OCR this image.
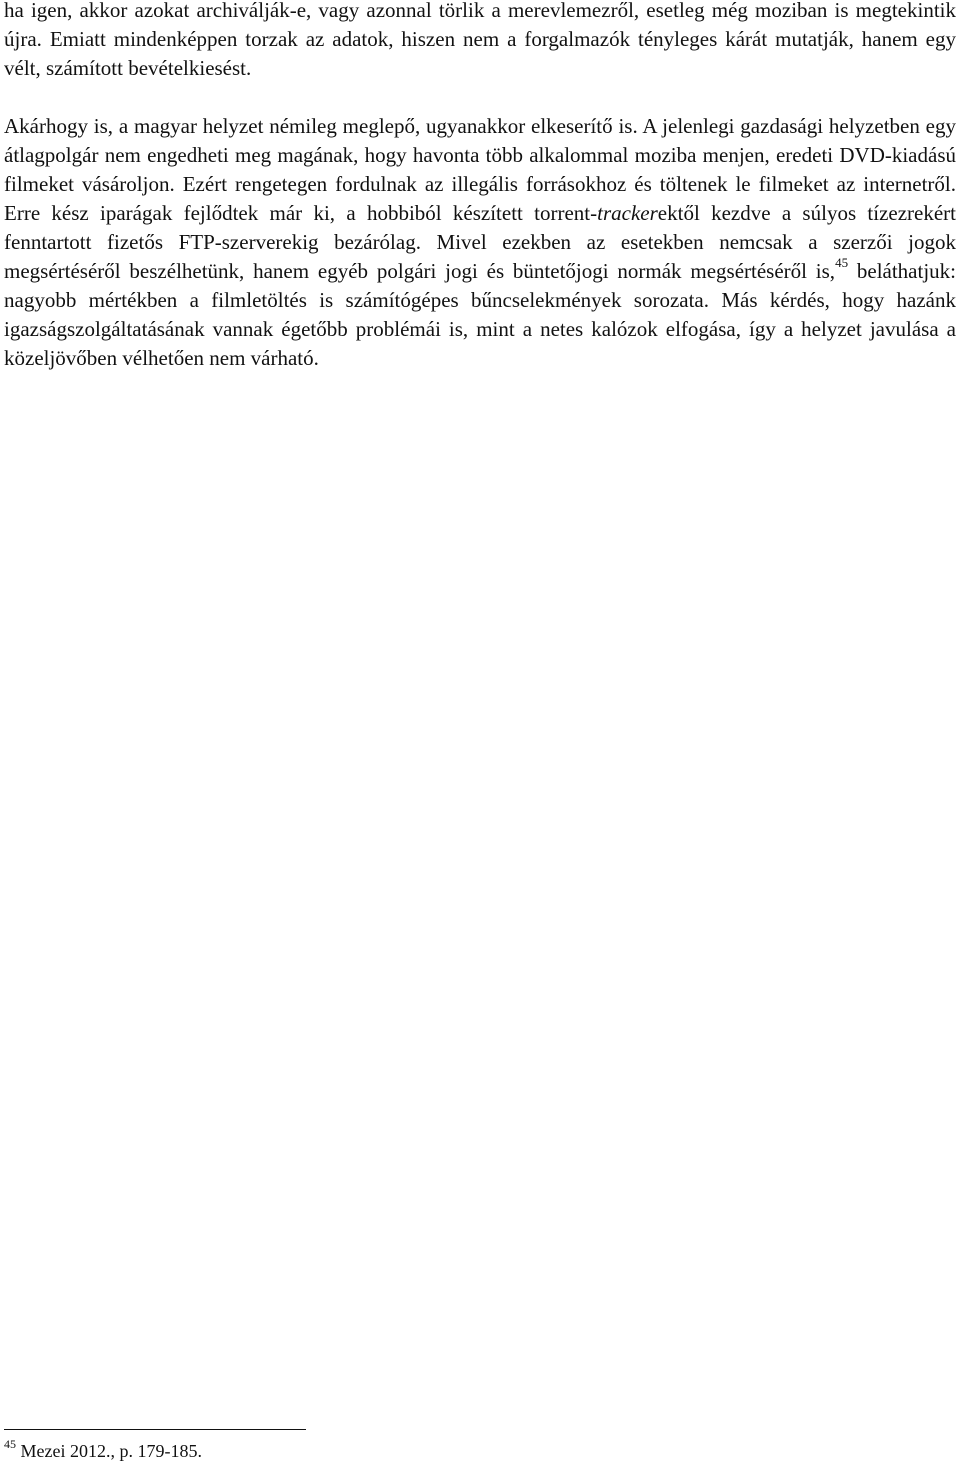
ha igen, akkor azokat archiválják-e, vagy azonnal törlik a merevlemezről, esetleg még moziban is megtekintik újra. Emiatt mindenképpen torzak az adatok, hiszen nem a forgalmazók tényleges kárát mutatják, hanem egy vélt, számított bevételkiesést.

Akárhogy is, a magyar helyzet némileg meglepő, ugyanakkor elkeserítő is. A jelenlegi gazdasági helyzetben egy átlagpolgár nem engedheti meg magának, hogy havonta több alkalommal moziba menjen, eredeti DVD-kiadású filmeket vásároljon. Ezért rengetegen fordulnak az illegális forrásokhoz és töltenek le filmeket az internetről. Erre kész iparágak fejlődtek már ki, a hobbiból készített torrent-trackerektől kezdve a súlyos tízezrekért fenntartott fizetős FTP-szerverekig bezárólag. Mivel ezekben az esetekben nemcsak a szerzői jogok megsértéséről beszélhetünk, hanem egyéb polgári jogi és büntetőjogi normák megsértéséről is,$^{45}$ beláthatjuk: nagyobb mértékben a filmletöltés is számítógépes bűncselekmények sorozata. Más kérdés, hogy hazánk igazságszolgáltatásának vannak égetőbb problémái is, mint a netes kalózok elfogása, így a helyzet javulása a közeljövőben vélhetően nem várható.

$^{45}$ Mezei 2012., p. 179-185.
